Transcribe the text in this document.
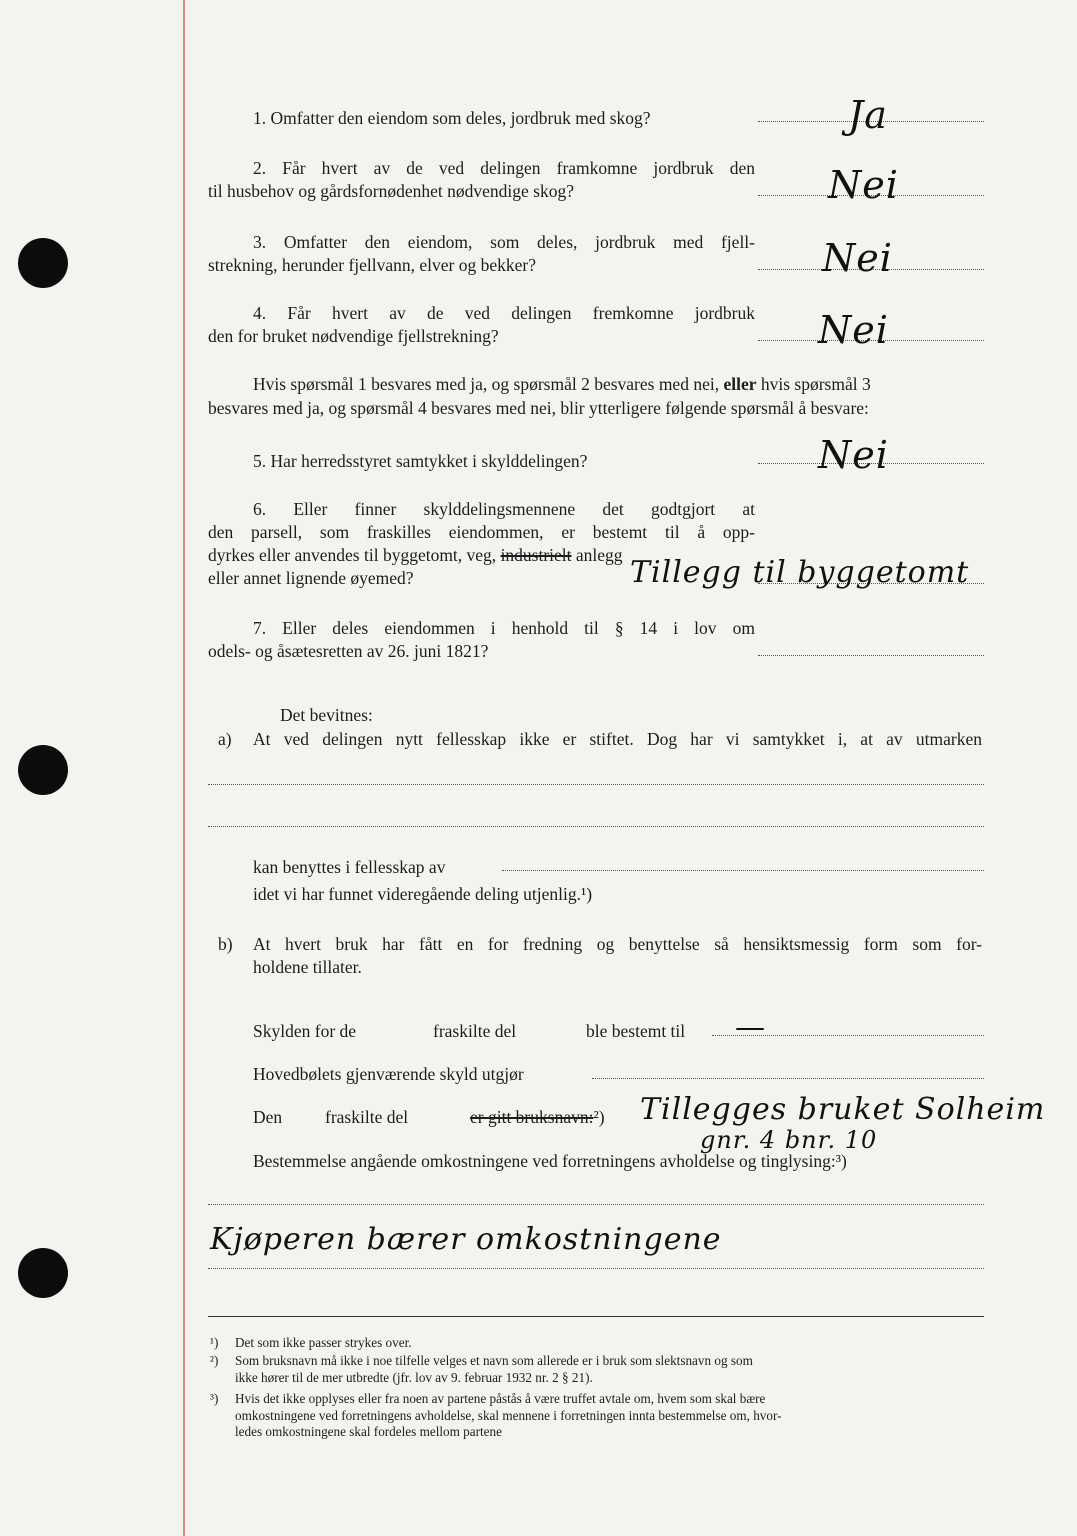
1. Omfatter den eiendom som deles, jordbruk med skog?	Ja
2. Får hvert av de ved delingen framkomne jordbruk den
til husbehov og gårdsfornødenhet nødvendige skog?	Nei
3. Omfatter den eiendom, som deles, jordbruk med fjell-
strekning, herunder fjellvann, elver og bekker?	Nei
4. Får hvert av de ved delingen fremkomne jordbruk
den for bruket nødvendige fjellstrekning?	Nei
Hvis spørsmål 1 besvares med ja, og spørsmål 2 besvares med nei, eller hvis spørsmål 3
besvares med ja, og spørsmål 4 besvares med nei, blir ytterligere følgende spørsmål å besvare:
5. Har herredsstyret samtykket i skylddelingen?	Nei
6. Eller finner skylddelingsmennene det godtgjort at
den parsell, som fraskilles eiendommen, er bestemt til å opp-
dyrkes eller anvendes til byggetomt, veg, industrielt anlegg
eller annet lignende øyemed?	Tillegg til byggetomt
7. Eller deles eiendommen i henhold til § 14 i lov om
odels- og åsætesretten av 26. juni 1821?
Det bevitnes:
a) At ved delingen nytt fellesskap ikke er stiftet. Dog har vi samtykket i, at av utmarken
kan benyttes i fellesskap av
idet vi har funnet videregående deling utjenlig.¹)
b) At hvert bruk har fått en for fredning og benyttelse så hensiktsmessig form som for-
holdene tillater.
Skylden for de	fraskilte del	ble bestemt til —
Hovedbølets gjenværende skyld utgjør
Den fraskilte del	er gitt bruksnavn:²) Tillegges bruket Solheim
gnr. 4 bnr. 10
Bestemmelse angående omkostningene ved forretningens avholdelse og tinglysing:³)
Kjøperen bærer omkostningene
¹) Det som ikke passer strykes over.
²) Som bruksnavn må ikke i noe tilfelle velges et navn som allerede er i bruk som slektsnavn og som
ikke hører til de mer utbredte (jfr. lov av 9. februar 1932 nr. 2 § 21).
³) Hvis det ikke opplyses eller fra noen av partene påstås å være truffet avtale om, hvem som skal bære
omkostningene ved forretningens avholdelse, skal mennene i forretningen innta bestemmelse om, hvor-
ledes omkostningene skal fordeles mellom partene
